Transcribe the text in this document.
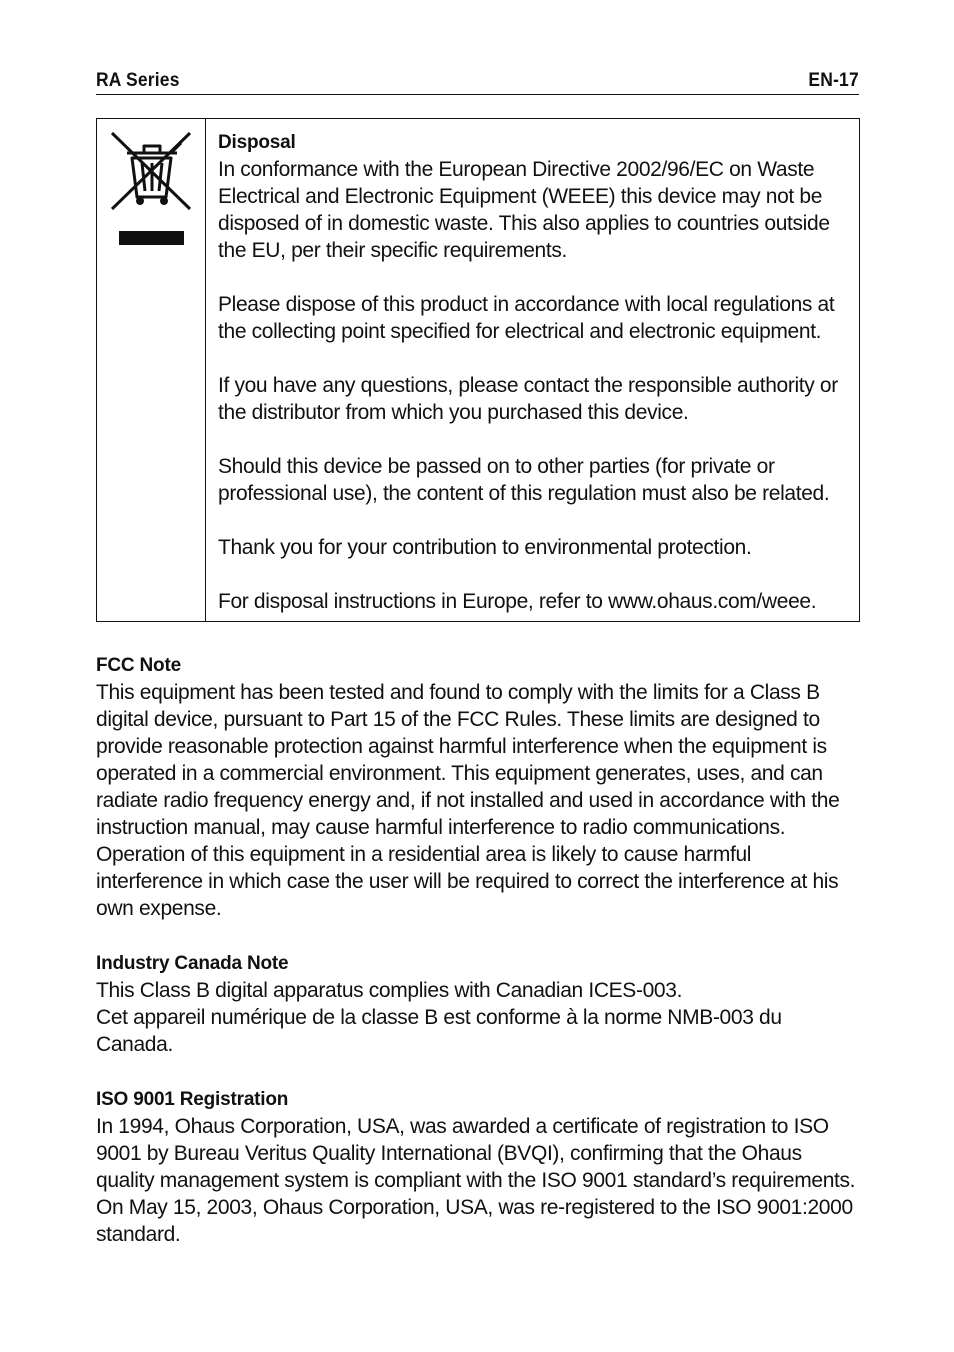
RA Series	EN-17

Disposal

In conformance with the European Directive 2002/96/EC on Waste Electrical and Electronic Equipment (WEEE) this device may not be disposed of in domestic waste. This also applies to countries outside the EU, per their specific requirements.

Please dispose of this product in accordance with local regulations at the collecting point specified for electrical and electronic equipment.

If you have any questions, please contact the responsible authority or the distributor from which you purchased this device.

Should this device be passed on to other parties (for private or professional use), the content of this regulation must also be related.

Thank you for your contribution to environmental protection.

For disposal instructions in Europe, refer to www.ohaus.com/weee.

FCC Note

This equipment has been tested and found to comply with the limits for a Class B digital device, pursuant to Part 15 of the FCC Rules. These limits are designed to provide reasonable protection against harmful interference when the equipment is operated in a commercial environment. This equipment generates, uses, and can radiate radio frequency energy and, if not installed and used in accordance with the instruction manual, may cause harmful interference to radio communications. Operation of this equipment in a residential area is likely to cause harmful interference in which case the user will be required to correct the interference at his own expense.

Industry Canada Note

This Class B digital apparatus complies with Canadian ICES-003.

Cet appareil numérique de la classe B est conforme à la norme NMB-003 du Canada.

ISO 9001 Registration

In 1994, Ohaus Corporation, USA, was awarded a certificate of registration to ISO 9001 by Bureau Veritus Quality International (BVQI), confirming that the Ohaus quality management system is compliant with the ISO 9001 standard’s requirements. On May 15, 2003, Ohaus Corporation, USA, was re-registered to the ISO 9001:2000 standard.
